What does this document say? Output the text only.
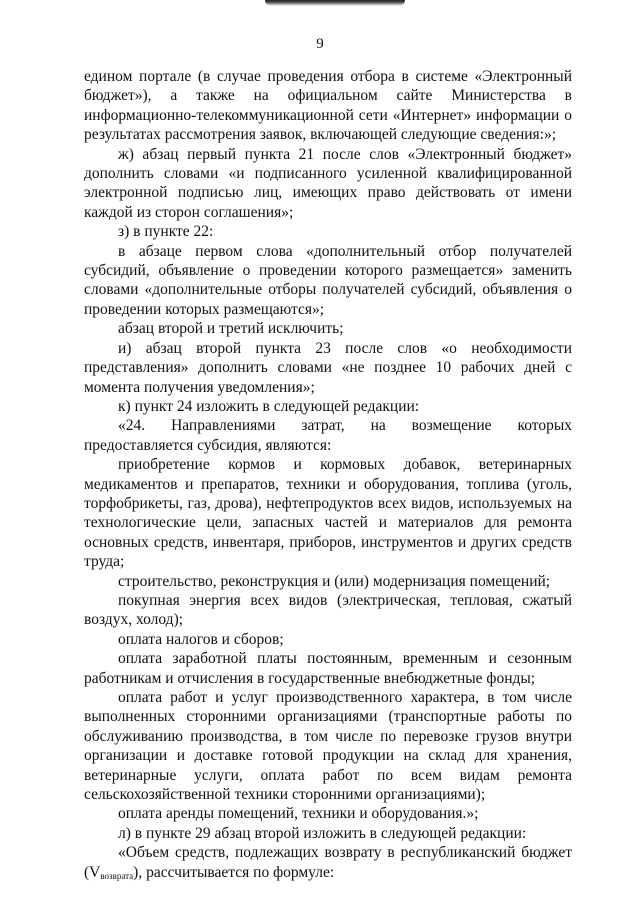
9

едином портале (в случае проведения отбора в системе «Электронный бюджет»), а также на официальном сайте Министерства в информационно-телекоммуникационной сети «Интернет» информации о результатах рассмотрения заявок, включающей следующие сведения:»;

ж) абзац первый пункта 21 после слов «Электронный бюджет» дополнить словами «и подписанного усиленной квалифицированной электронной подписью лиц, имеющих право действовать от имени каждой из сторон соглашения»;

з) в пункте 22:

в абзаце первом слова «дополнительный отбор получателей субсидий, объявление о проведении которого размещается» заменить словами «дополнительные отборы получателей субсидий, объявления о проведении которых размещаются»;

абзац второй и третий исключить;

и) абзац второй пункта 23 после слов «о необходимости представления» дополнить словами «не позднее 10 рабочих дней с момента получения уведомления»;

к) пункт 24 изложить в следующей редакции:

«24. Направлениями затрат, на возмещение которых предоставляется субсидия, являются:

приобретение кормов и кормовых добавок, ветеринарных медикаментов и препаратов, техники и оборудования, топлива (уголь, торфобрикеты, газ, дрова), нефтепродуктов всех видов, используемых на технологические цели, запасных частей и материалов для ремонта основных средств, инвентаря, приборов, инструментов и других средств труда;

строительство, реконструкция и (или) модернизация помещений;

покупная энергия всех видов (электрическая, тепловая, сжатый воздух, холод);

оплата налогов и сборов;

оплата заработной платы постоянным, временным и сезонным работникам и отчисления в государственные внебюджетные фонды;

оплата работ и услуг производственного характера, в том числе выполненных сторонними организациями (транспортные работы по обслуживанию производства, в том числе по перевозке грузов внутри организации и доставке готовой продукции на склад для хранения, ветеринарные услуги, оплата работ по всем видам ремонта сельскохозяйственной техники сторонними организациями);

оплата аренды помещений, техники и оборудования.»;

л) в пункте 29 абзац второй изложить в следующей редакции:

«Объем средств, подлежащих возврату в республиканский бюджет $(V_{возврата})$, рассчитывается по формуле:
